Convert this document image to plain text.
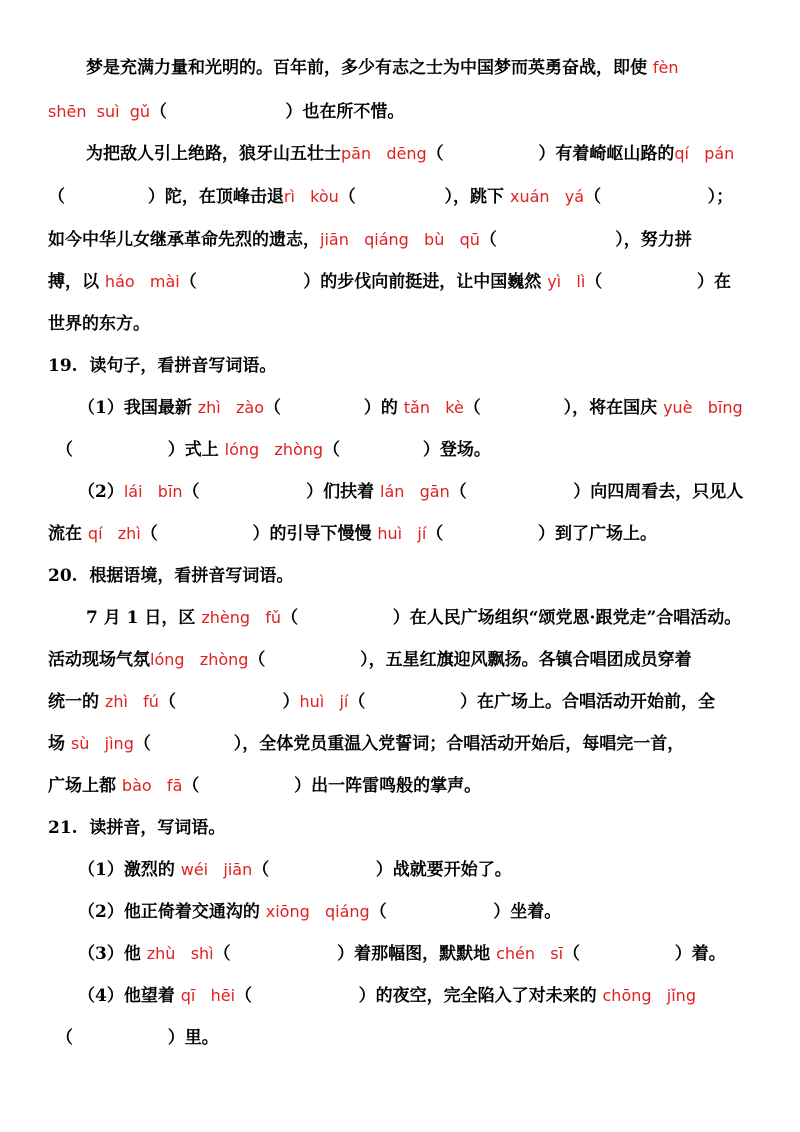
梦是充满力量和光明的。百年前，多少有志之士为中国梦而英勇奋战，即使 fèn
shēn  suì  gǔ（                    ）也在所不惜。
为把敌人引上绝路，狼牙山五壮士pān   dēng（                ）有着崎岖山路的qí   pán
（              ）陀，在顶峰击退rì   kòu（               ），跳下 xuán   yá（                  ）；
如今中华儿女继承革命先烈的遗志，jiān   qiáng   bù   qū（                    ），努力拼
搏，以 háo   mài（                  ）的步伐向前挺进，让中国巍然 yì   lì（                ）在
世界的东方。
19.  读句子，看拼音写词语。
（1）我国最新 zhì   zào（              ）的 tǎn   kè（              ），将在国庆 yuè   bīng
（                ）式上 lóng   zhòng（              ）登场。
（2）lái   bīn（                  ）们扶着 lán   gān（                  ）向四周看去，只见人
流在 qí   zhì（                ）的引导下慢慢 huì   jí（                ）到了广场上。
20.  根据语境，看拼音写词语。
7 月 1 日，区 zhèng   fǔ（                ）在人民广场组织“颂党恩·跟党走”合唱活动。
活动现场气氛lóng   zhòng（                ），五星红旗迎风飘扬。各镇合唱团成员穿着
统一的 zhì   fú（                  ）huì   jí（                ）在广场上。合唱活动开始前，全
场 sù   jìng（              ），全体党员重温入党誓词；合唱活动开始后，每唱完一首，
广场上都 bào   fā（                ）出一阵雷鸣般的掌声。
21.  读拼音，写词语。
（1）激烈的 wéi   jiān（                  ）战就要开始了。
（2）他正倚着交通沟的 xiōng   qiáng（                  ）坐着。
（3）他 zhù   shì（                  ）着那幅图，默默地 chén   sī（                ）着。
（4）他望着 qī   hēi（                  ）的夜空，完全陷入了对未来的 chōng   jǐng
（                ）里。
